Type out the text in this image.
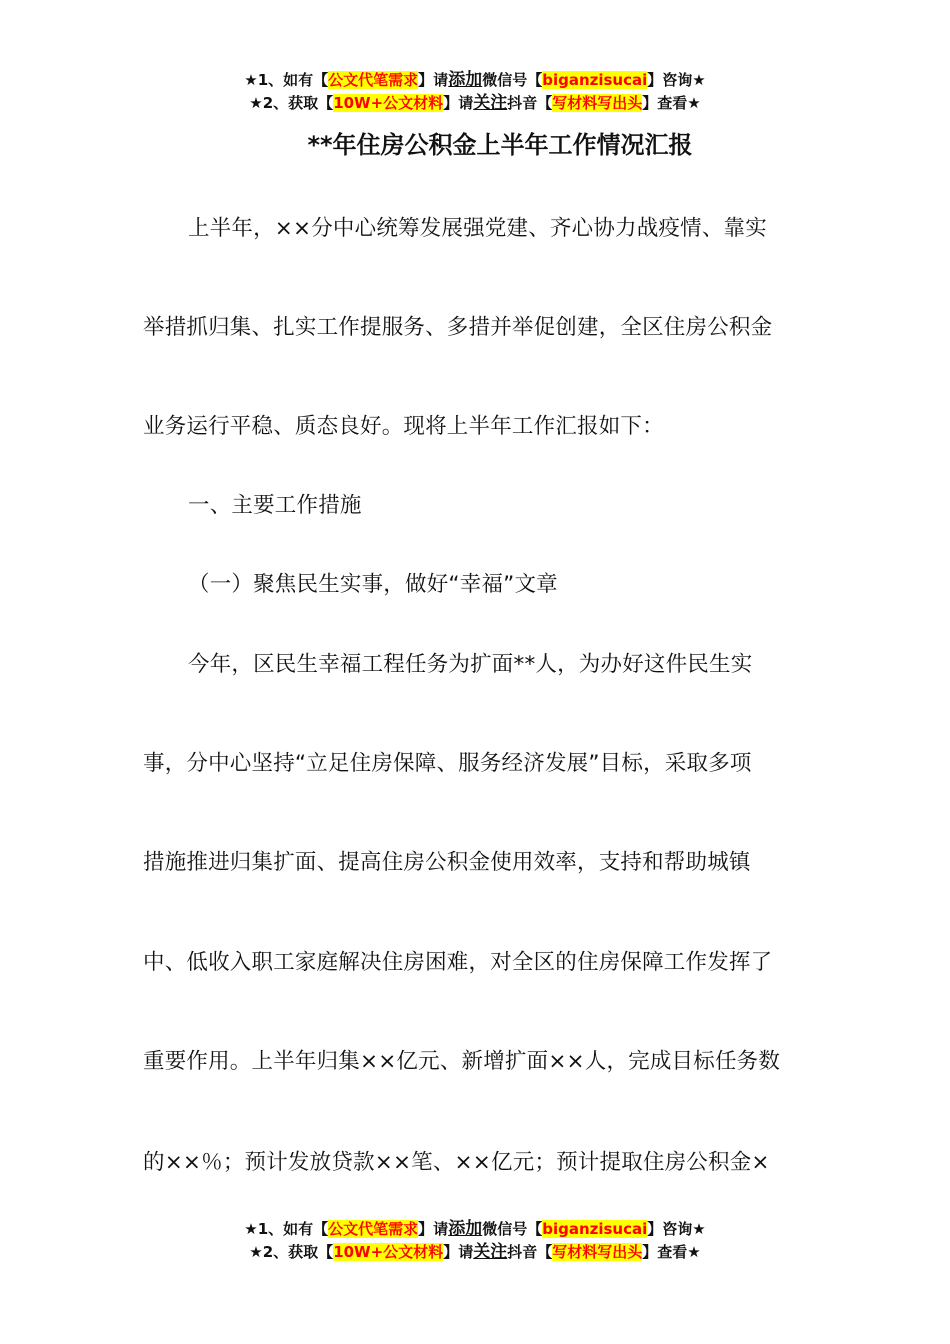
★1、如有【公文代笔需求】请添加微信号【biganzisucai】咨询★
★2、获取【10W+公文材料】请关注抖音【写材料写出头】查看★
**年住房公积金上半年工作情况汇报
上半年，××分中心统筹发展强党建、齐心协力战疫情、靠实
举措抓归集、扎实工作提服务、多措并举促创建，全区住房公积金
业务运行平稳、质态良好。现将上半年工作汇报如下：
一、主要工作措施
（一）聚焦民生实事，做好“幸福”文章
今年，区民生幸福工程任务为扩面**人，为办好这件民生实
事，分中心坚持“立足住房保障、服务经济发展”目标，采取多项
措施推进归集扩面、提高住房公积金使用效率，支持和帮助城镇
中、低收入职工家庭解决住房困难，对全区的住房保障工作发挥了
重要作用。上半年归集××亿元、新增扩面××人，完成目标任务数
的××％；预计发放贷款××笔、××亿元；预计提取住房公积金×
★1、如有【公文代笔需求】请添加微信号【biganzisucai】咨询★
★2、获取【10W+公文材料】请关注抖音【写材料写出头】查看★
